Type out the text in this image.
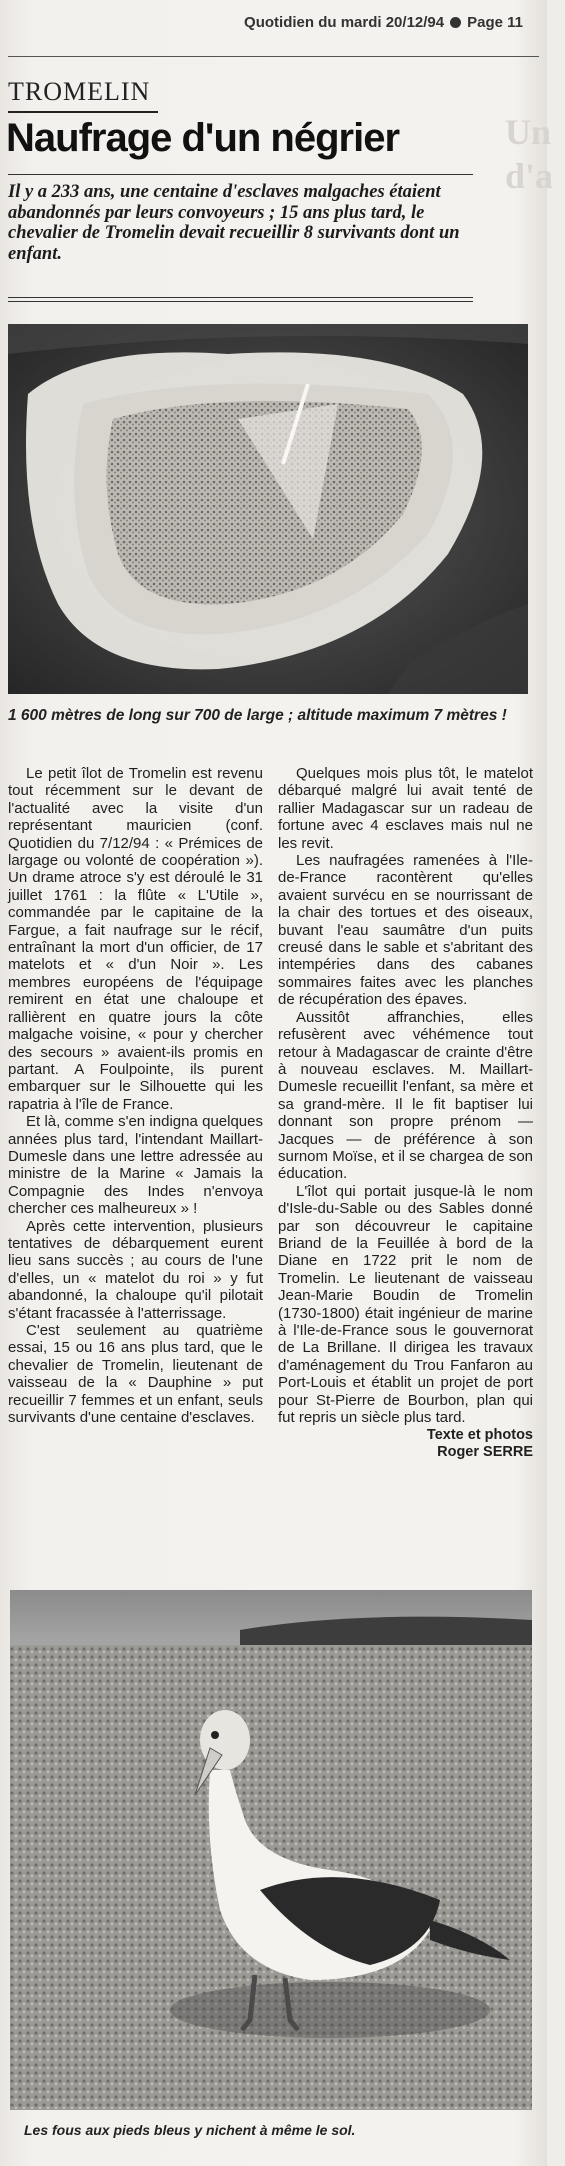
Quotidien du mardi 20/12/94 Page 11
Un
d'a
TROMELIN
Naufrage d'un négrier
Il y a 233 ans, une centaine d'esclaves malgaches étaient abandonnés par leurs convoyeurs ; 15 ans plus tard, le chevalier de Tromelin devait recueillir 8 survivants dont un enfant.
1 600 mètres de long sur 700 de large ; altitude maximum 7 mètres !

Le petit îlot de Tromelin est revenu tout récemment sur le devant de l'actualité avec la visite d'un représentant mauricien (conf. Quotidien du 7/12/94 : « Prémices de largage ou volonté de coopération »). Un drame atroce s'y est déroulé le 31 juillet 1761 : la flûte « L'Utile », commandée par le capitaine de la Fargue, a fait naufrage sur le récif, entraînant la mort d'un officier, de 17 matelots et « d'un Noir ». Les membres européens de l'équipage remirent en état une chaloupe et rallièrent en quatre jours la côte malgache voisine, « pour y chercher des secours » avaient-ils promis en partant. A Foulpointe, ils purent embarquer sur le Silhouette qui les rapatria à l'île de France.

Et là, comme s'en indigna quelques années plus tard, l'intendant Maillart-Dumesle dans une lettre adressée au ministre de la Marine « Jamais la Compagnie des Indes n'envoya chercher ces malheureux » !

Après cette intervention, plusieurs tentatives de débarquement eurent lieu sans succès ; au cours de l'une d'elles, un « matelot du roi » y fut abandonné, la chaloupe qu'il pilotait s'étant fracassée à l'atterrissage.

C'est seulement au quatrième essai, 15 ou 16 ans plus tard, que le chevalier de Tromelin, lieutenant de vaisseau de la « Dauphine » put recueillir 7 femmes et un enfant, seuls survivants d'une centaine d'esclaves.

Quelques mois plus tôt, le matelot débarqué malgré lui avait tenté de rallier Madagascar sur un radeau de fortune avec 4 esclaves mais nul ne les revit.

Les naufragées ramenées à l'Ile-de-France racontèrent qu'elles avaient survécu en se nourrissant de la chair des tortues et des oiseaux, buvant l'eau saumâtre d'un puits creusé dans le sable et s'abritant des intempéries dans des cabanes sommaires faites avec les planches de récupération des épaves.

Aussitôt affranchies, elles refusèrent avec véhémence tout retour à Madagascar de crainte d'être à nouveau esclaves. M. Maillart-Dumesle recueillit l'enfant, sa mère et sa grand-mère. Il le fit baptiser lui donnant son propre prénom — Jacques — de préférence à son surnom Moïse, et il se chargea de son éducation.

L'îlot qui portait jusque-là le nom d'Isle-du-Sable ou des Sables donné par son découvreur le capitaine Briand de la Feuillée à bord de la Diane en 1722 prit le nom de Tromelin. Le lieutenant de vaisseau Jean-Marie Boudin de Tromelin (1730-1800) était ingénieur de marine à l'Ile-de-France sous le gouvernorat de La Brillane. Il dirigea les travaux d'aménagement du Trou Fanfaron au Port-Louis et établit un projet de port pour St-Pierre de Bourbon, plan qui fut repris un siècle plus tard.

Texte et photos
Roger SERRE
Les fous aux pieds bleus y nichent à même le sol.
